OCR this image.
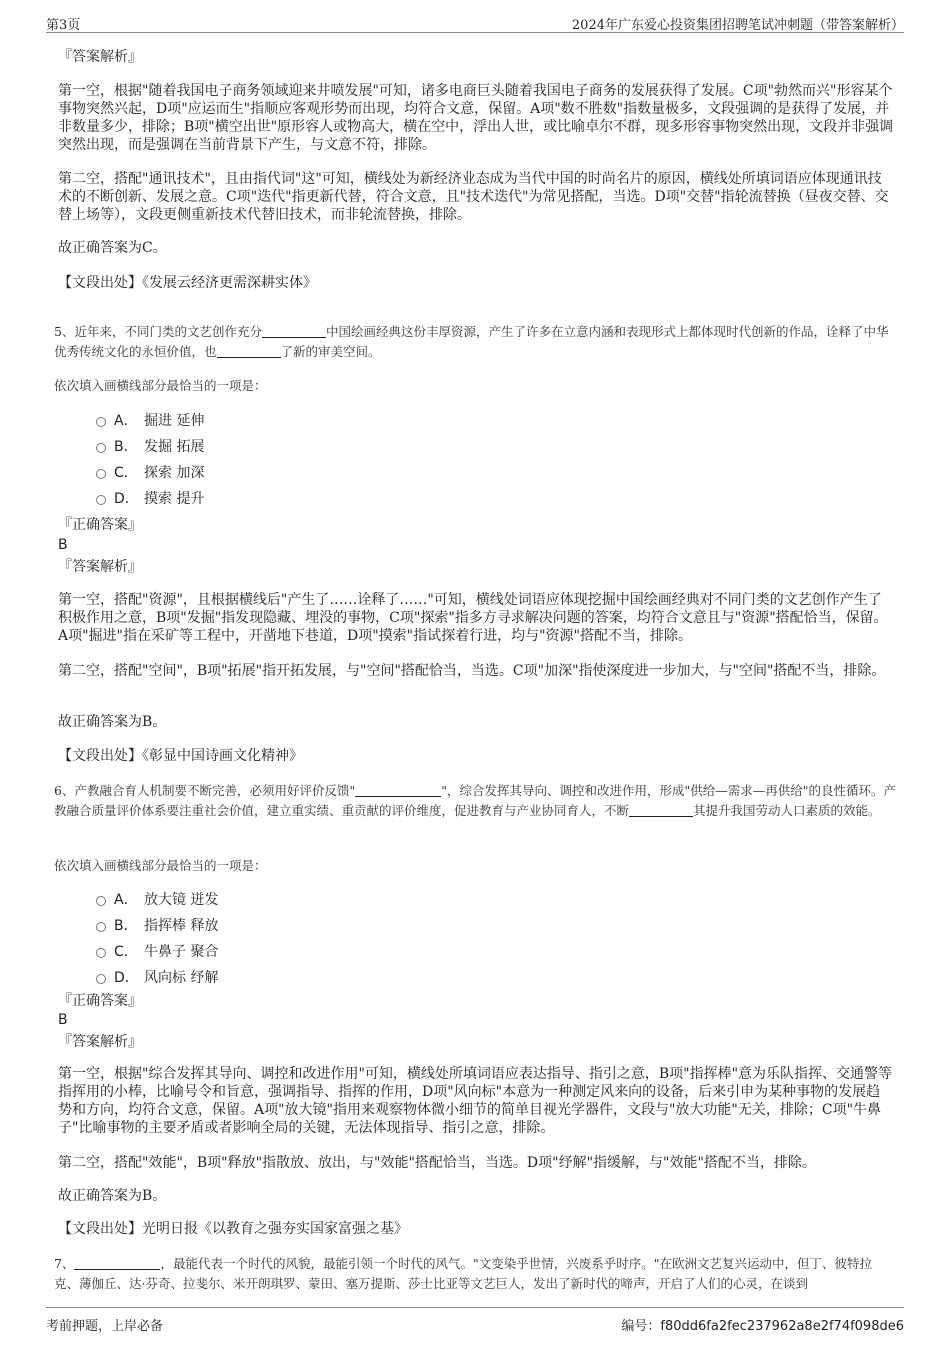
第3页	2024年广东爱心投资集团招聘笔试冲刺题（带答案解析）
『答案解析』
第一空，根据"随着我国电子商务领域迎来井喷发展"可知，诸多电商巨头随着我国电子商务的发展获得了发展。C项"勃然而兴"形容某个事物突然兴起，D项"应运而生"指顺应客观形势而出现，均符合文意，保留。A项"数不胜数"指数量极多，文段强调的是获得了发展，并非数量多少，排除；B项"横空出世"原形容人或物高大，横在空中，浮出人世，或比喻卓尔不群，现多形容事物突然出现，文段并非强调突然出现，而是强调在当前背景下产生，与文意不符，排除。
第二空，搭配"通讯技术"，且由指代词"这"可知，横线处为新经济业态成为当代中国的时尚名片的原因，横线处所填词语应体现通讯技术的不断创新、发展之意。C项"迭代"指更新代替，符合文意，且"技术迭代"为常见搭配，当选。D项"交替"指轮流替换（昼夜交替、交替上场等），文段更侧重新技术代替旧技术，而非轮流替换，排除。
故正确答案为C。
【文段出处】《发展云经济更需深耕实体》
5、近年来，不同门类的文艺创作充分	中国绘画经典这份丰厚资源，产生了许多在立意内涵和表现形式上都体现时代创新的作品，诠释了中华优秀传统文化的永恒价值，也	了新的审美空间。
依次填入画横线部分最恰当的一项是：
A． 掘进 延伸
B． 发掘 拓展
C． 探索 加深
D． 摸索 提升
『正确答案』
B
『答案解析』
第一空，搭配"资源"，且根据横线后"产生了……诠释了……"可知，横线处词语应体现挖掘中国绘画经典对不同门类的文艺创作产生了积极作用之意，B项"发掘"指发现隐藏、埋没的事物，C项"探索"指多方寻求解决问题的答案，均符合文意且与"资源"搭配恰当，保留。A项"掘进"指在采矿等工程中，开凿地下巷道，D项"摸索"指试探着行进，均与"资源"搭配不当，排除。
第二空，搭配"空间"，B项"拓展"指开拓发展，与"空间"搭配恰当，当选。C项"加深"指使深度进一步加大，与"空间"搭配不当，排除。
故正确答案为B。
【文段出处】《彰显中国诗画文化精神》
6、产教融合育人机制要不断完善，必须用好评价反馈"	"，综合发挥其导向、调控和改进作用，形成"供给—需求—再供给"的良性循环。产教融合质量评价体系要注重社会价值，建立重实绩、重贡献的评价维度，促进教育与产业协同育人，不断	其提升我国劳动人口素质的效能。
依次填入画横线部分最恰当的一项是：
A． 放大镜 迸发
B． 指挥棒 释放
C． 牛鼻子 聚合
D． 风向标 纾解
『正确答案』
B
『答案解析』
第一空，根据"综合发挥其导向、调控和改进作用"可知，横线处所填词语应表达指导、指引之意，B项"指挥棒"意为乐队指挥、交通警等指挥用的小棒，比喻号令和旨意，强调指导、指挥的作用，D项"风向标"本意为一种测定风来向的设备，后来引申为某种事物的发展趋势和方向，均符合文意，保留。A项"放大镜"指用来观察物体微小细节的简单目视光学器件，文段与"放大功能"无关，排除；C项"牛鼻子"比喻事物的主要矛盾或者影响全局的关键，无法体现指导、指引之意，排除。
第二空，搭配"效能"，B项"释放"指散放、放出，与"效能"搭配恰当，当选。D项"纾解"指缓解，与"效能"搭配不当，排除。
故正确答案为B。
【文段出处】光明日报《以教育之强夯实国家富强之基》
7、	，最能代表一个时代的风貌，最能引领一个时代的风气。"文变染乎世情，兴废系乎时序。"在欧洲文艺复兴运动中，但丁、彼特拉克、薄伽丘、达·芬奇、拉斐尔、米开朗琪罗、蒙田、塞万提斯、莎士比亚等文艺巨人，发出了新时代的啼声，开启了人们的心灵，在谈到
考前押题，上岸必备	编号：f80dd6fa2fec237962a8e2f74f098de6
